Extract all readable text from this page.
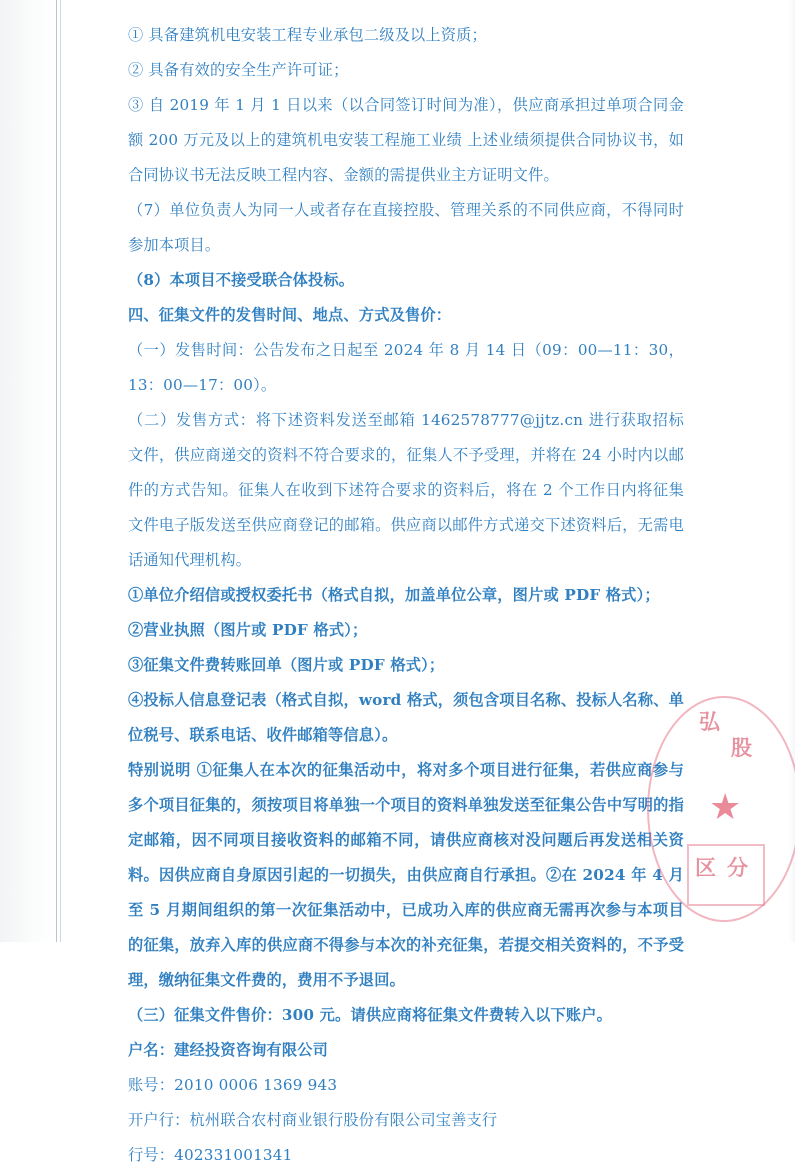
① 具备建筑机电安装工程专业承包二级及以上资质；

② 具备有效的安全生产许可证；

③ 自 2019 年 1 月 1 日以来（以合同签订时间为准），供应商承担过单项合同金额 200 万元及以上的建筑机电安装工程施工业绩 上述业绩须提供合同协议书，如合同协议书无法反映工程内容、金额的需提供业主方证明文件。

（7）单位负责人为同一人或者存在直接控股、管理关系的不同供应商，不得同时参加本项目。

（8）本项目不接受联合体投标。

四、征集文件的发售时间、地点、方式及售价：

（一）发售时间：公告发布之日起至 2024 年 8 月 14 日（09：00—11：30，13：00—17：00）。

（二）发售方式：将下述资料发送至邮箱 1462578777@jjtz.cn 进行获取招标文件，供应商递交的资料不符合要求的，征集人不予受理，并将在 24 小时内以邮件的方式告知。征集人在收到下述符合要求的资料后，将在 2 个工作日内将征集文件电子版发送至供应商登记的邮箱。供应商以邮件方式递交下述资料后，无需电话通知代理机构。

①单位介绍信或授权委托书（格式自拟，加盖单位公章，图片或 PDF 格式）；

②营业执照（图片或 PDF 格式）；

③征集文件费转账回单（图片或 PDF 格式）；

④投标人信息登记表（格式自拟，word 格式，须包含项目名称、投标人名称、单位税号、联系电话、收件邮箱等信息）。

特别说明 ①征集人在本次的征集活动中，将对多个项目进行征集，若供应商参与多个项目征集的，须按项目将单独一个项目的资料单独发送至征集公告中写明的指定邮箱，因不同项目接收资料的邮箱不同，请供应商核对没问题后再发送相关资料。因供应商自身原因引起的一切损失，由供应商自行承担。②在 2024 年 4 月至 5 月期间组织的第一次征集活动中，已成功入库的供应商无需再次参与本项目的征集，放弃入库的供应商不得参与本次的补充征集，若提交相关资料的，不予受理，缴纳征集文件费的，费用不予退回。

（三）征集文件售价：300 元。请供应商将征集文件费转入以下账户。

户名：建经投资咨询有限公司

账号：2010 0006 1369 943

开户行：杭州联合农村商业银行股份有限公司宝善支行

行号：402331001341

弘
股
★
区 分
